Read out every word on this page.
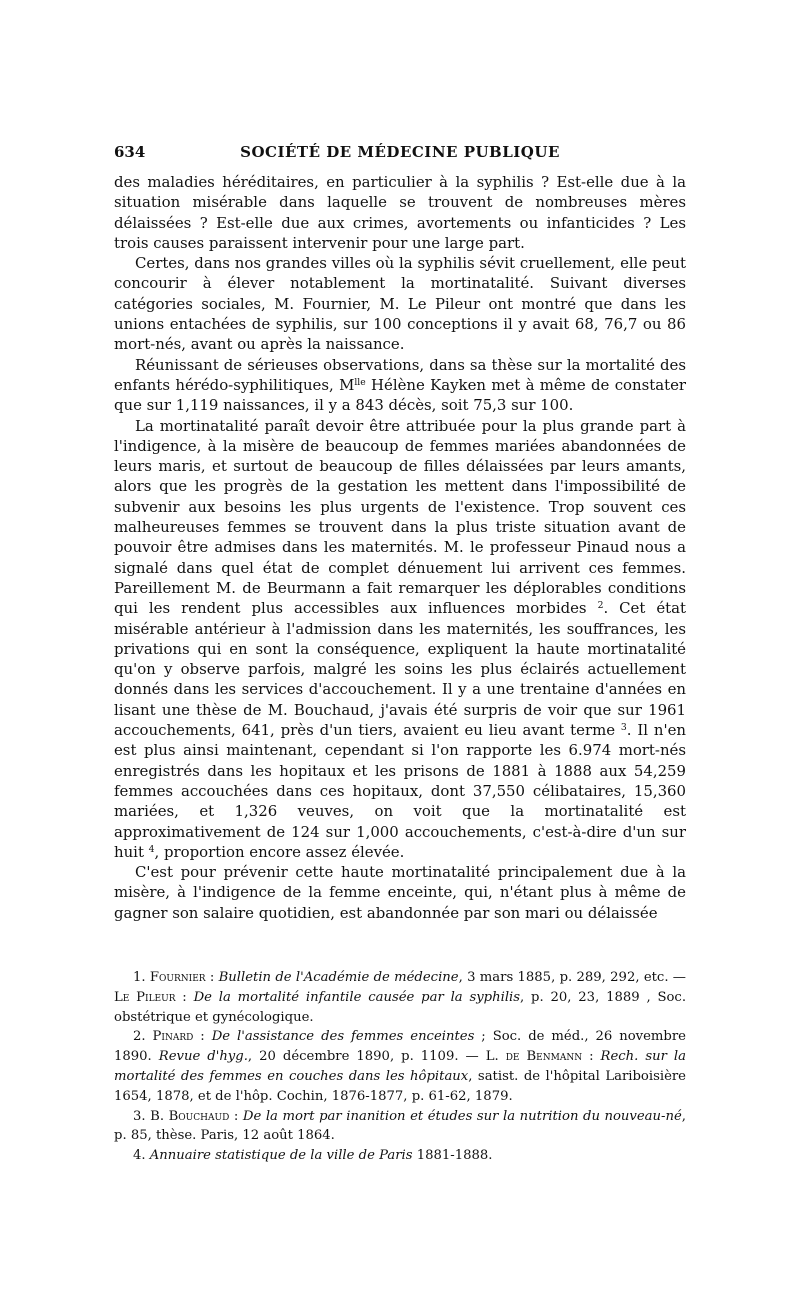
634	SOCIÉTÉ DE MÉDECINE PUBLIQUE

des maladies héréditaires, en particulier à la syphilis ? Est-elle due à la situation misérable dans laquelle se trouvent de nombreuses mères délaissées ? Est-elle due aux crimes, avortements ou infanticides ? Les trois causes paraissent intervenir pour une large part.

Certes, dans nos grandes villes où la syphilis sévit cruellement, elle peut concourir à élever notablement la mortinatalité. Suivant diverses catégories sociales, M. Fournier, M. Le Pileur ont montré que dans les unions entachées de syphilis, sur 100 conceptions il y avait 68, 76,7 ou 86 mort-nés, avant ou après la naissance.

Réunissant de sérieuses observations, dans sa thèse sur la mortalité des enfants hérédo-syphilitiques, $M^{lle}$ Hélène Kayken met à même de constater que sur 1,119 naissances, il y a 843 décès, soit 75,3 sur 100.

La mortinatalité paraît devoir être attribuée pour la plus grande part à l'indigence, à la misère de beaucoup de femmes mariées abandonnées de leurs maris, et surtout de beaucoup de filles délaissées par leurs amants, alors que les progrès de la gestation les mettent dans l'impossibilité de subvenir aux besoins les plus urgents de l'existence. Trop souvent ces malheureuses femmes se trouvent dans la plus triste situation avant de pouvoir être admises dans les maternités. M. le professeur Pinaud nous a signalé dans quel état de complet dénuement lui arrivent ces femmes. Pareillement M. de Beurmann a fait remarquer les déplorables conditions qui les rendent plus accessibles aux influences morbides $^2$. Cet état misérable antérieur à l'admission dans les maternités, les souffrances, les privations qui en sont la conséquence, expliquent la haute mortinatalité qu'on y observe parfois, malgré les soins les plus éclairés actuellement donnés dans les services d'accouchement. Il y a une trentaine d'années en lisant une thèse de M. Bouchaud, j'avais été surpris de voir que sur 1961 accouchements, 641, près d'un tiers, avaient eu lieu avant terme $^3$. Il n'en est plus ainsi maintenant, cependant si l'on rapporte les 6.974 mort-nés enregistrés dans les hopitaux et les prisons de 1881 à 1888 aux 54,259 femmes accouchées dans ces hopitaux, dont 37,550 célibataires, 15,360 mariées, et 1,326 veuves, on voit que la mortinatalité est approximativement de 124 sur 1,000 accouchements, c'est-à-dire d'un sur huit $^4$, proportion encore assez élevée.

C'est pour prévenir cette haute mortinatalité principalement due à la misère, à l'indigence de la femme enceinte, qui, n'étant plus à même de gagner son salaire quotidien, est abandonnée par son mari ou délaissée

1. Fournier : Bulletin de l'Académie de médecine, 3 mars 1885, p. 289, 292, etc. — Le Pileur : De la mortalité infantile causée par la syphilis, p. 20, 23, 1889 , Soc. obstétrique et gynécologique.

2. Pinard : De l'assistance des femmes enceintes ; Soc. de méd., 26 novembre 1890. Revue d'hyg., 20 décembre 1890, p. 1109. — L. de Benmann : Rech. sur la mortalité des femmes en couches dans les hôpitaux, satist. de l'hôpital Lariboisière 1654, 1878, et de l'hôp. Cochin, 1876-1877, p. 61-62, 1879.

3. B. Bouchaud : De la mort par inanition et études sur la nutrition du nouveau-né, p. 85, thèse. Paris, 12 août 1864.

4. Annuaire statistique de la ville de Paris 1881-1888.
